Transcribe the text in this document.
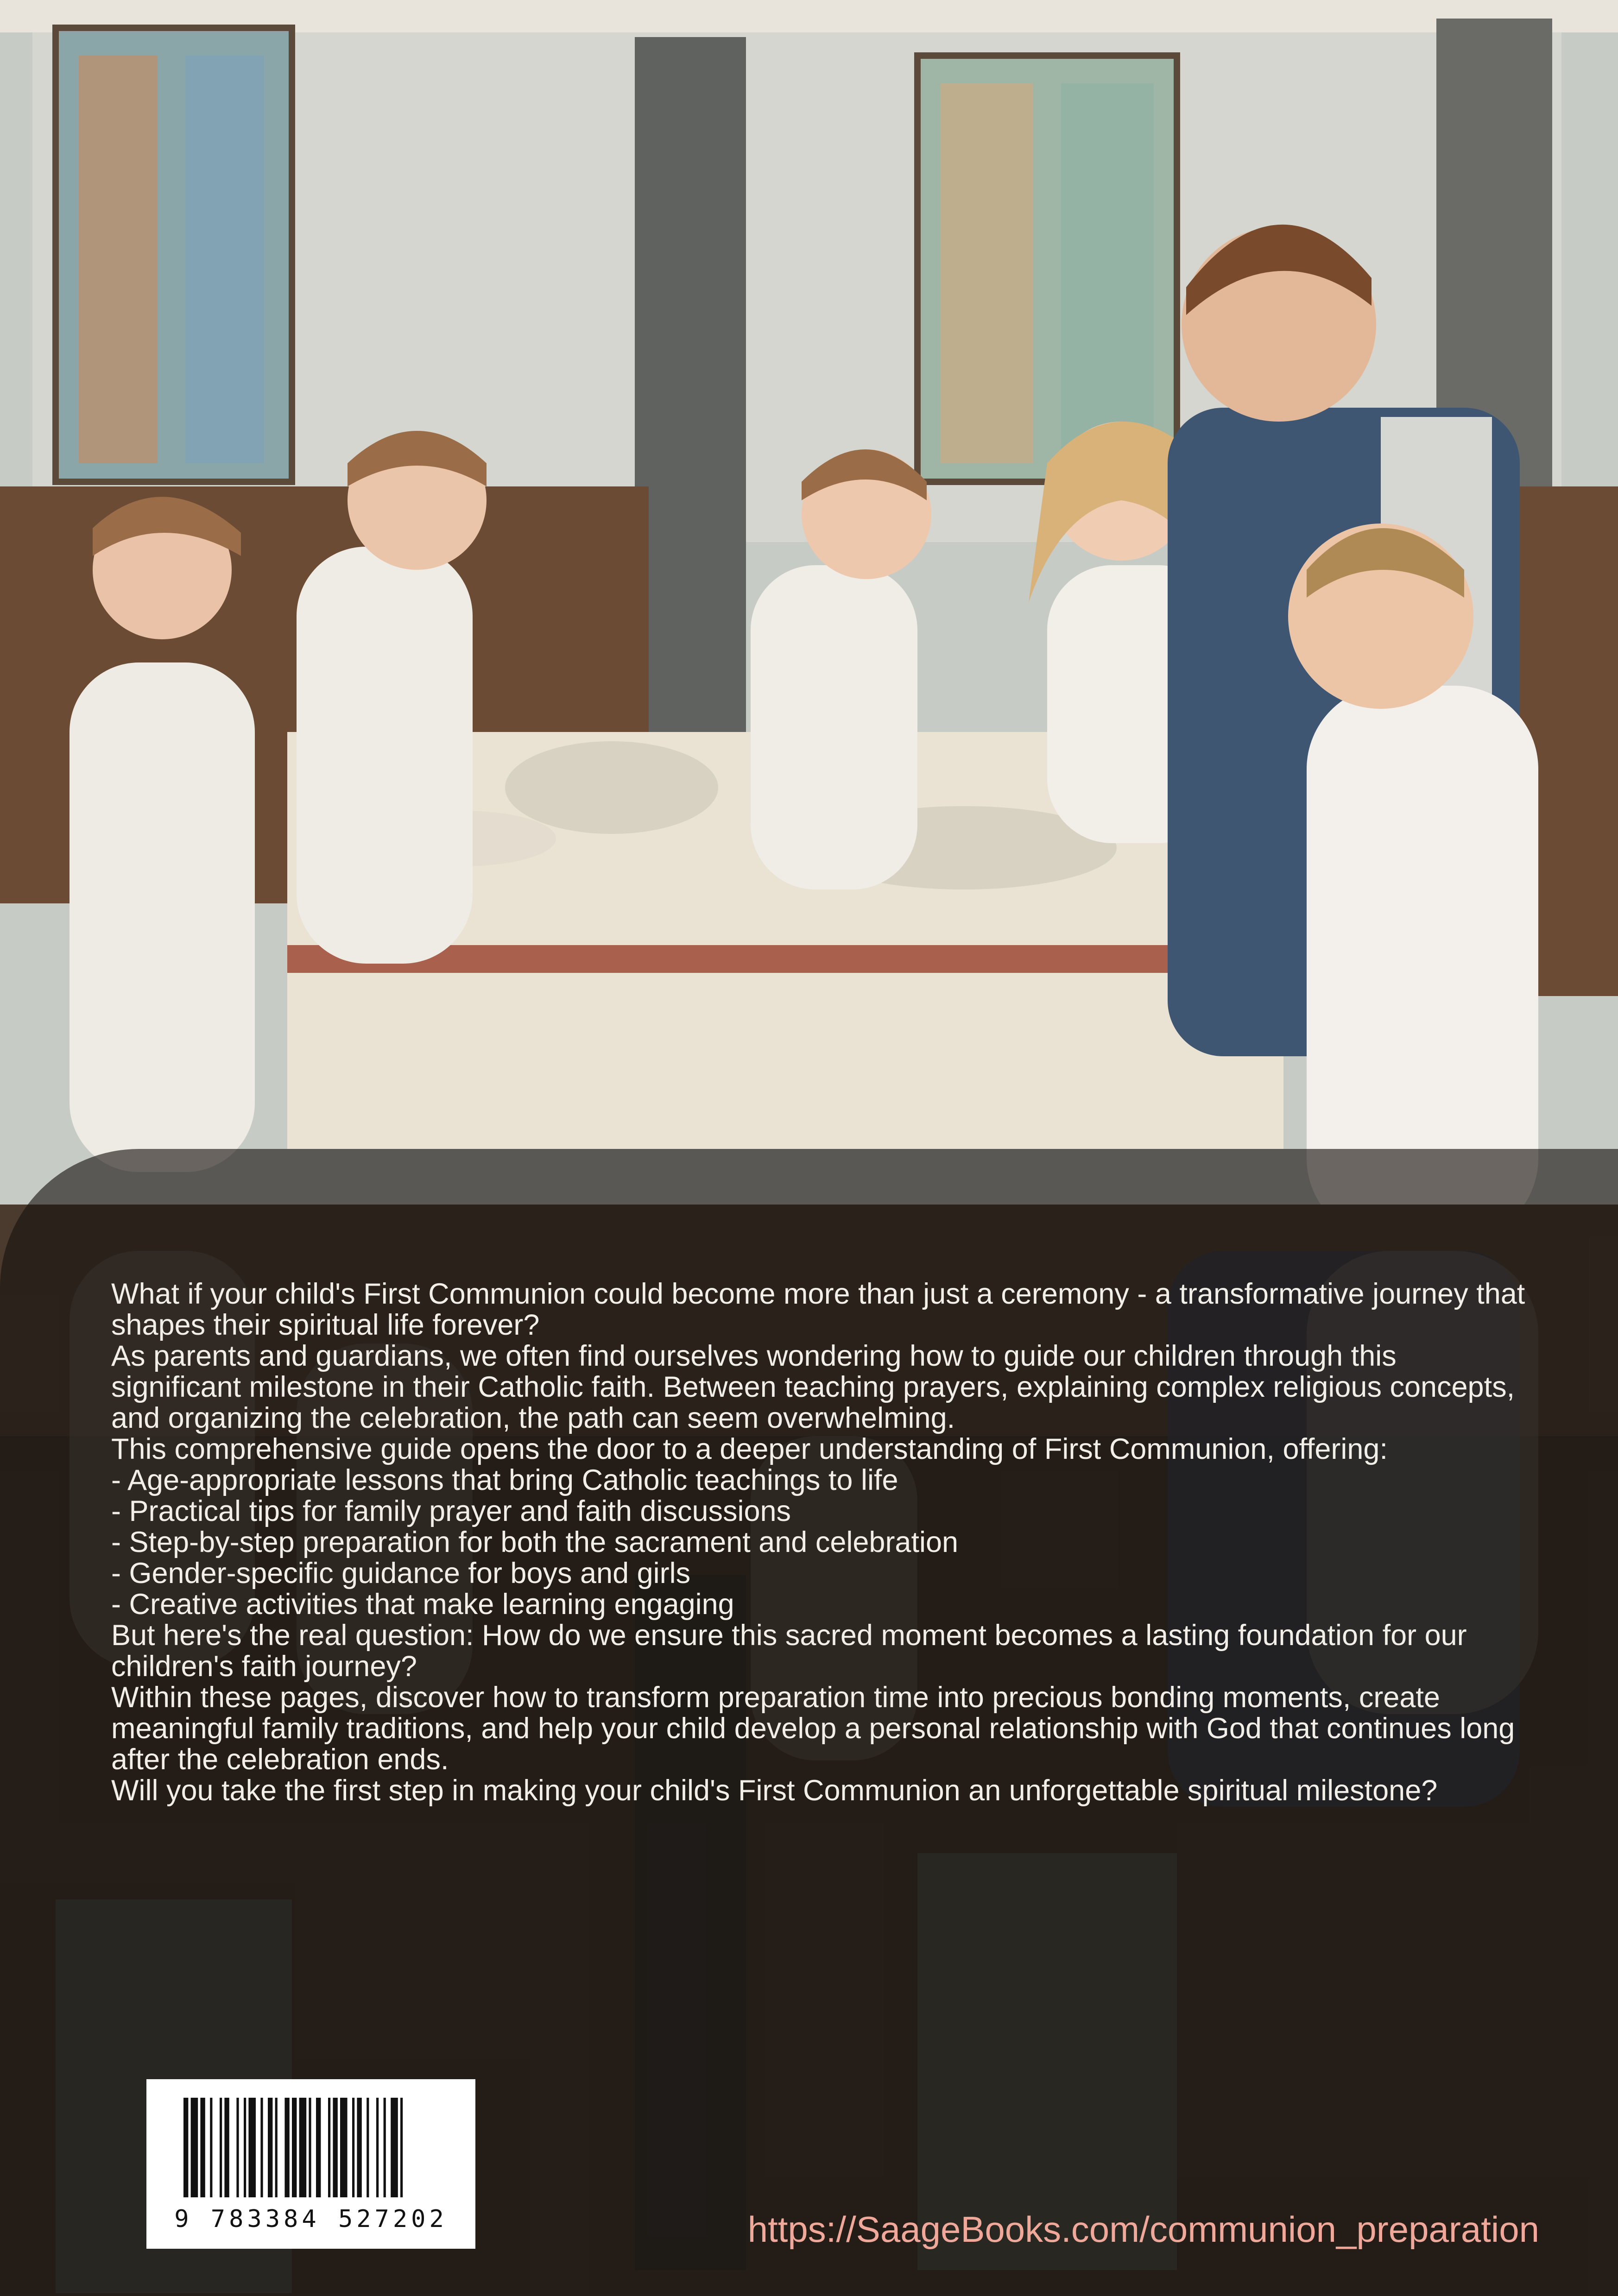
What if your child's First Communion could become more than just a ceremony - a transformative journey that shapes their spiritual life forever?

As parents and guardians, we often find ourselves wondering how to guide our children through this significant milestone in their Catholic faith. Between teaching prayers, explaining complex religious concepts, and organizing the celebration, the path can seem overwhelming.

This comprehensive guide opens the door to a deeper understanding of First Communion, offering:

- Age-appropriate lessons that bring Catholic teachings to life

- Practical tips for family prayer and faith discussions

- Step-by-step preparation for both the sacrament and celebration

- Gender-specific guidance for boys and girls

- Creative activities that make learning engaging

But here's the real question: How do we ensure this sacred moment becomes a lasting foundation for our children's faith journey?

Within these pages, discover how to transform preparation time into precious bonding moments, create meaningful family traditions, and help your child develop a personal relationship with God that continues long after the celebration ends.

Will you take the first step in making your child's First Communion an unforgettable spiritual milestone?

9 783384 527202	https://SaageBooks.com/communion_preparation
